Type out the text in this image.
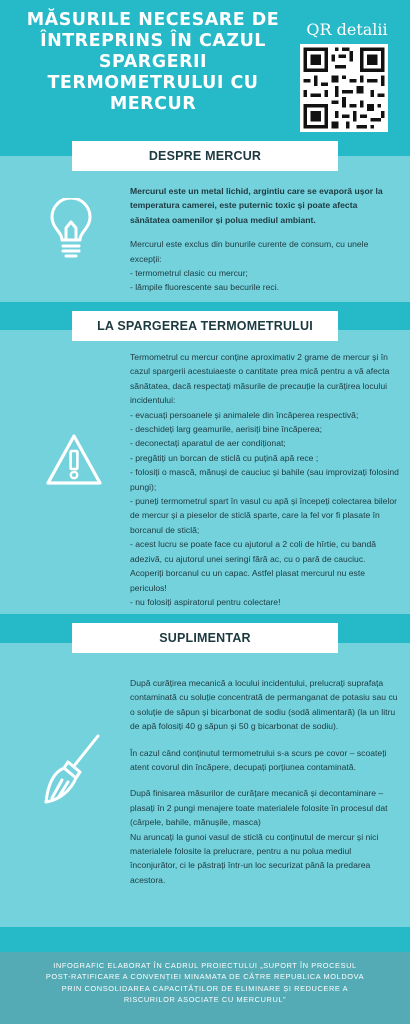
MĂSURILE NECESARE DE ÎNTREPRINS ÎN CAZUL SPARGERII TERMOMETRULUI CU MERCUR
QR detalii
DESPRE MERCUR

Mercurul este un metal lichid, argintiu care se evaporă ușor la temperatura camerei, este puternic toxic și poate afecta sănătatea oamenilor și polua mediul ambiant.

Mercurul este exclus din bunurile curente de consum, cu unele excepții:

- termometrul clasic cu mercur;

- lămpile fluorescente sau becurile reci.

LA SPARGEREA TERMOMETRULUI

Termometrul cu mercur conține aproximativ 2 grame de mercur și în cazul spargerii acestuiaeste o cantitate prea mică pentru a vă afecta sănătatea, dacă respectați măsurile de precauție la curățirea locului incidentului:

- evacuați persoanele și animalele din încăperea respectivă;

- deschideți larg geamurile, aerisiți bine încăperea;

- deconectați aparatul de aer condiționat;

- pregătiți un borcan de sticlă cu puțină apă rece ;

- folosiți o mască, mănuși de cauciuc și bahile (sau improvizați folosind pungi);

- puneți termometrul spart în vasul cu apă și începeți colectarea bilelor de mercur și a pieselor de sticlă sparte, care la fel vor fi plasate în borcanul de sticlă;

- acest lucru se poate face cu ajutorul a 2 coli de hîrtie, cu bandă adezivă, cu ajutorul unei seringi fără ac, cu o pară de cauciuc. Acoperiți borcanul cu un capac. Astfel plasat mercurul nu este periculos!

- nu folosiți aspiratorul pentru colectare!

SUPLIMENTAR

După curățirea mecanică a locului incidentului, prelucrați suprafața contaminată cu soluție concentrată de permanganat de potasiu sau cu o soluție de săpun și bicarbonat de sodiu (sodă alimentară) (la un litru de apă folosiți 40 g săpun și 50 g bicarbonat de sodiu).

În cazul când conținutul termometrului s-a scurs pe covor – scoateți atent covorul din încăpere, decupați porțiunea contaminată.

După finisarea măsurilor de curățare mecanică și decontaminare – plasați în 2 pungi menajere toate materialele folosite în procesul dat (cârpele, bahile, mănușile, masca)

Nu aruncați la gunoi vasul de sticlă cu conținutul de mercur și nici materialele folosite la prelucrare, pentru a nu polua mediul înconjurător, ci le păstrați într-un loc securizat până la predarea acestora.

INFOGRAFIC ELABORAT ÎN CADRUL PROIECTULUI „SUPORT ÎN PROCESUL POST-RATIFICARE A CONVENȚIEI MINAMATA DE CĂTRE REPUBLICA MOLDOVA PRIN CONSOLIDAREA CAPACITĂȚILOR DE ELIMINARE ȘI REDUCERE A RISCURILOR ASOCIATE CU MERCURUL”
